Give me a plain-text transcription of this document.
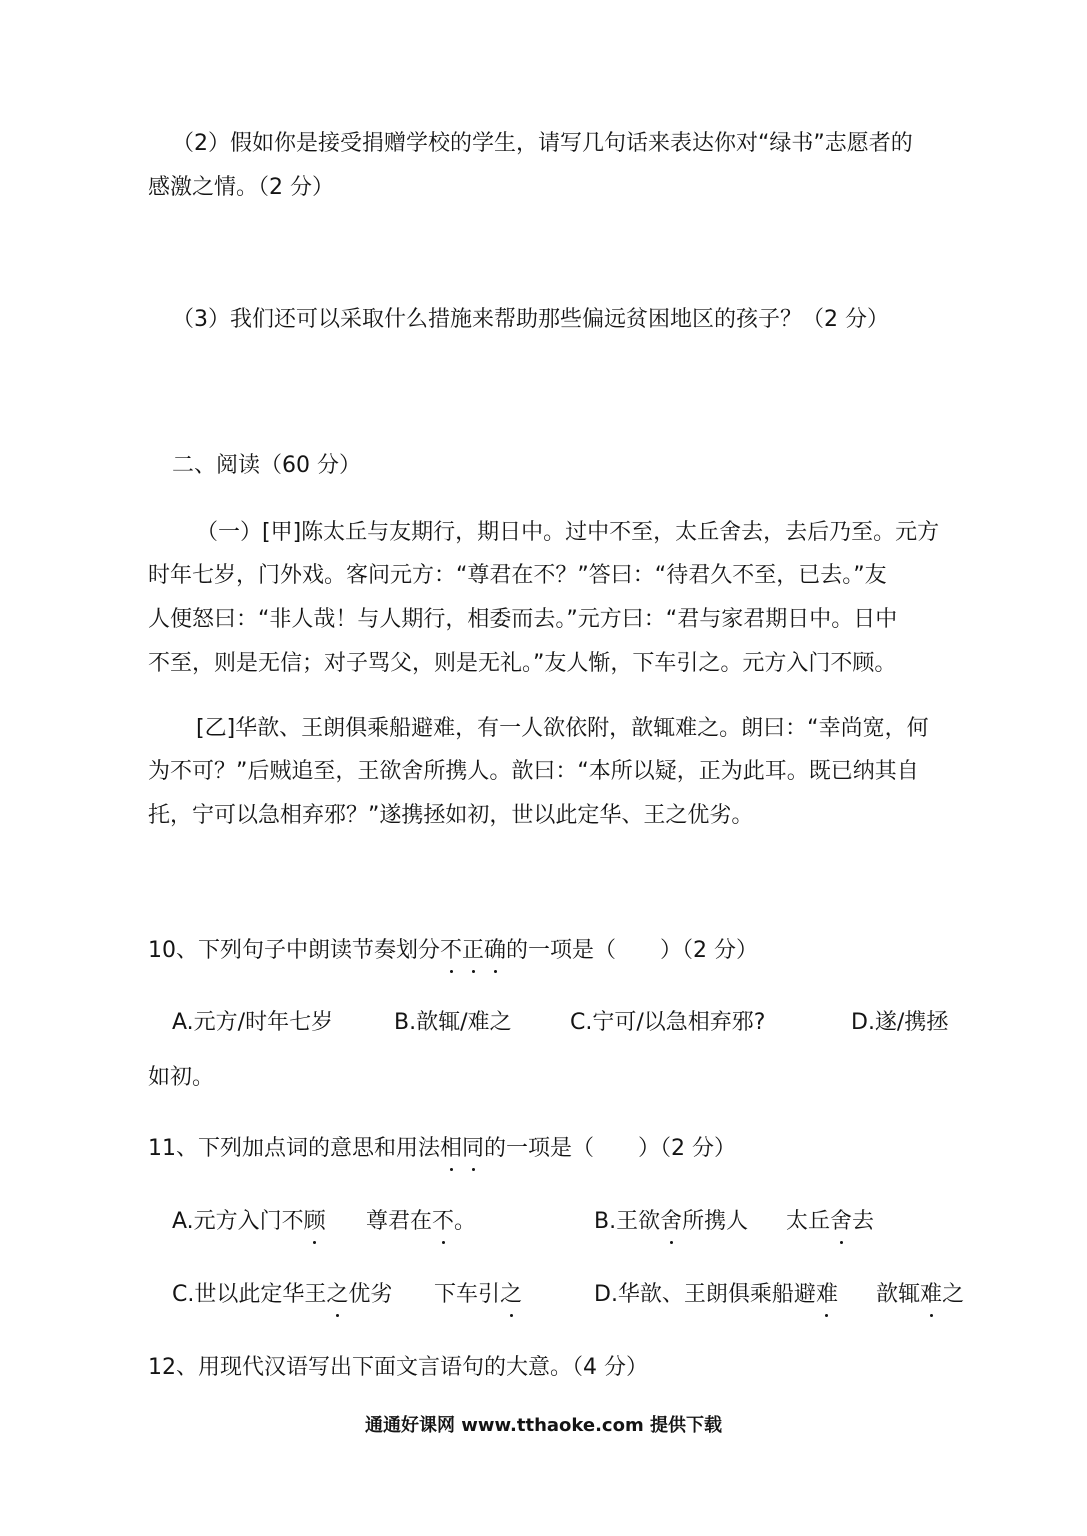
（2）假如你是接受捐赠学校的学生，请写几句话来表达你对“绿书”志愿者的
感激之情。（2 分）
（3）我们还可以采取什么措施来帮助那些偏远贫困地区的孩子？（2 分）
二、阅读（60 分）
（一）[甲]陈太丘与友期行，期日中。过中不至，太丘舍去，去后乃至。元方
时年七岁，门外戏。客问元方：“尊君在不？”答曰：“待君久不至，已去。”友
人便怒曰：“非人哉！与人期行，相委而去。”元方曰：“君与家君期日中。日中
不至，则是无信；对子骂父，则是无礼。”友人惭，下车引之。元方入门不顾。
[乙]华歆、王朗俱乘船避难，有一人欲依附，歆辄难之。朗曰：“幸尚宽，何
为不可？”后贼追至，王欲舍所携人。歆曰：“本所以疑，正为此耳。既已纳其自
托，宁可以急相弃邪？”遂携拯如初，世以此定华、王之优劣。
10、下列句子中朗读节奏划分不正确的一项是（　　）（2 分）
A.元方/时年七岁	B.歆辄/难之	C.宁可/以急相弃邪?	D.遂/携拯
如初。
11、下列加点词的意思和用法相同的一项是（　　）（2 分）
A.元方入门不顾 尊君在不。	B.王欲舍所携人 太丘舍去
C.世以此定华王之优劣 下车引之	D.华歆、王朗俱乘船避难 歆辄难之
12、用现代汉语写出下面文言语句的大意。（4 分）
通通好课网 www.tthaoke.com 提供下载
